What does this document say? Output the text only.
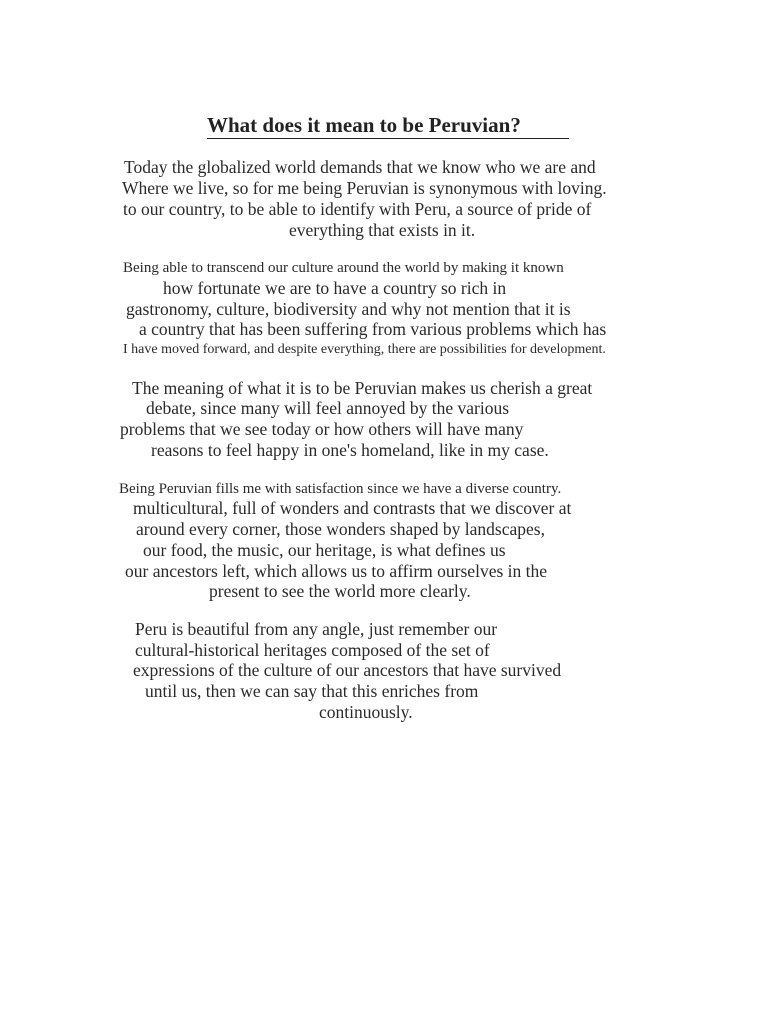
What does it mean to be Peruvian?
Today the globalized world demands that we know who we are and
Where we live, so for me being Peruvian is synonymous with loving.
to our country, to be able to identify with Peru, a source of pride of
everything that exists in it.
Being able to transcend our culture around the world by making it known
how fortunate we are to have a country so rich in
gastronomy, culture, biodiversity and why not mention that it is
a country that has been suffering from various problems which has
I have moved forward, and despite everything, there are possibilities for development.
The meaning of what it is to be Peruvian makes us cherish a great
debate, since many will feel annoyed by the various
problems that we see today or how others will have many
reasons to feel happy in one's homeland, like in my case.
Being Peruvian fills me with satisfaction since we have a diverse country.
multicultural, full of wonders and contrasts that we discover at
around every corner, those wonders shaped by landscapes,
our food, the music, our heritage, is what defines us
our ancestors left, which allows us to affirm ourselves in the
present to see the world more clearly.
Peru is beautiful from any angle, just remember our
cultural-historical heritages composed of the set of
expressions of the culture of our ancestors that have survived
until us, then we can say that this enriches from
continuously.
